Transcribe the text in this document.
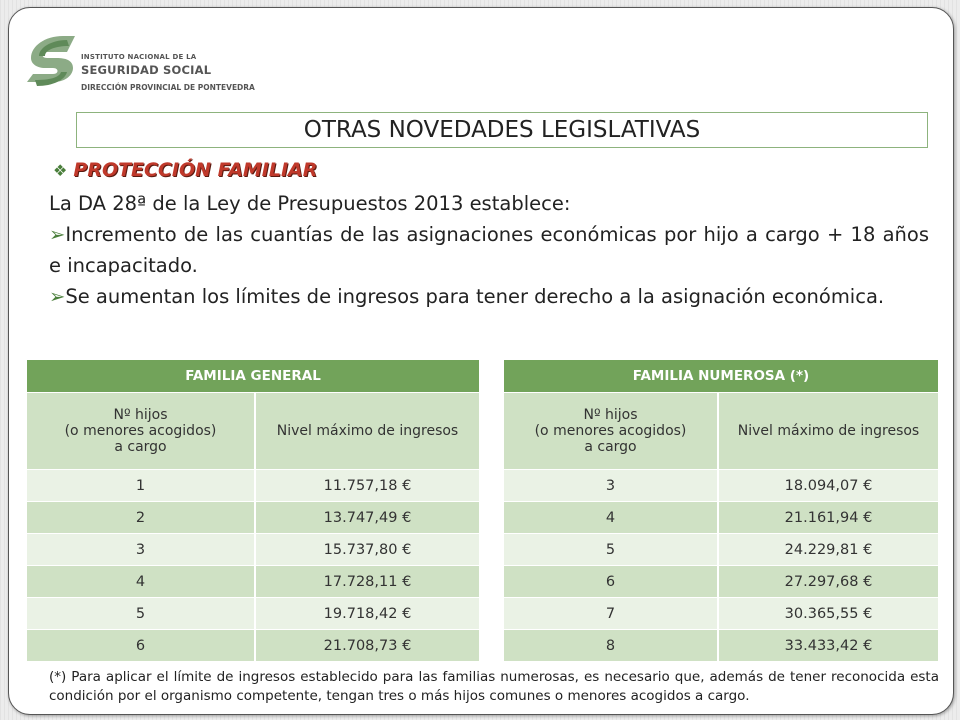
INSTITUTO NACIONAL DE LA
SEGURIDAD SOCIAL
DIRECCIÓN PROVINCIAL DE PONTEVEDRA
OTRAS NOVEDADES LEGISLATIVAS
❖ PROTECCIÓN FAMILIAR
La DA 28ª de la Ley de Presupuestos 2013 establece:
➢Incremento de las cuantías de las asignaciones económicas por hijo a cargo + 18 años e incapacitado.
➢Se aumentan los límites de ingresos para tener derecho a la asignación económica.
FAMILIA GENERAL	

Nº hijos
(o menores acogidos)
a cargo	Nivel máximo de ingresos
1	11.757,18 €
2	13.747,49 €
3	15.737,80 €
4	17.728,11 €
5	19.718,42 €
6	21.708,73 €
FAMILIA NUMEROSA (*)	

Nº hijos
(o menores acogidos)
a cargo	Nivel máximo de ingresos
3	18.094,07 €
4	21.161,94 €
5	24.229,81 €
6	27.297,68 €
7	30.365,55 €
8	33.433,42 €
(*) Para aplicar el límite de ingresos establecido para las familias numerosas, es necesario que, además de tener reconocida esta condición por el organismo competente, tengan tres o más hijos comunes o menores acogidos a cargo.
